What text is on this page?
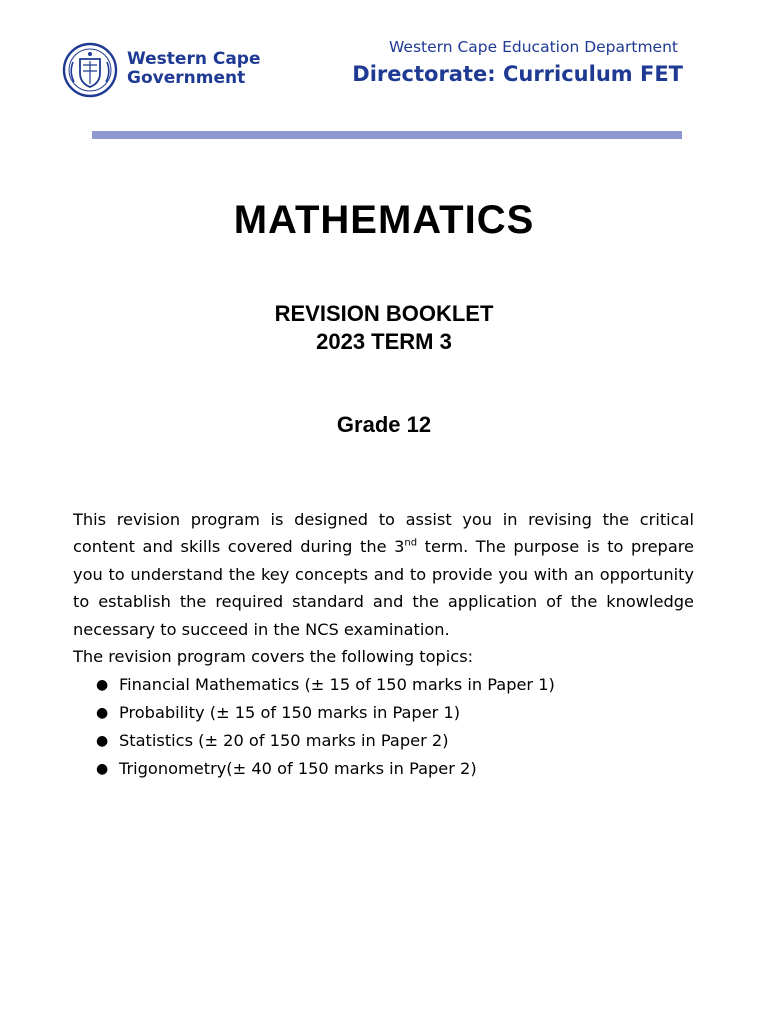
Western Cape
Government
Western Cape Education Department
Directorate: Curriculum FET
MATHEMATICS
REVISION BOOKLET
2023 TERM 3
Grade 12
This revision program is designed to assist you in revising the critical content and skills covered during the 3nd term. The purpose is to prepare you to understand the key concepts and to provide you with an opportunity to establish the required standard and the application of the knowledge necessary to succeed in the NCS examination.
The revision program covers the following topics:
● Financial Mathematics (± 15 of 150 marks in Paper 1)
● Probability (± 15 of 150 marks in Paper 1)
● Statistics (± 20 of 150 marks in Paper 2)
● Trigonometry(± 40 of 150 marks in Paper 2)
